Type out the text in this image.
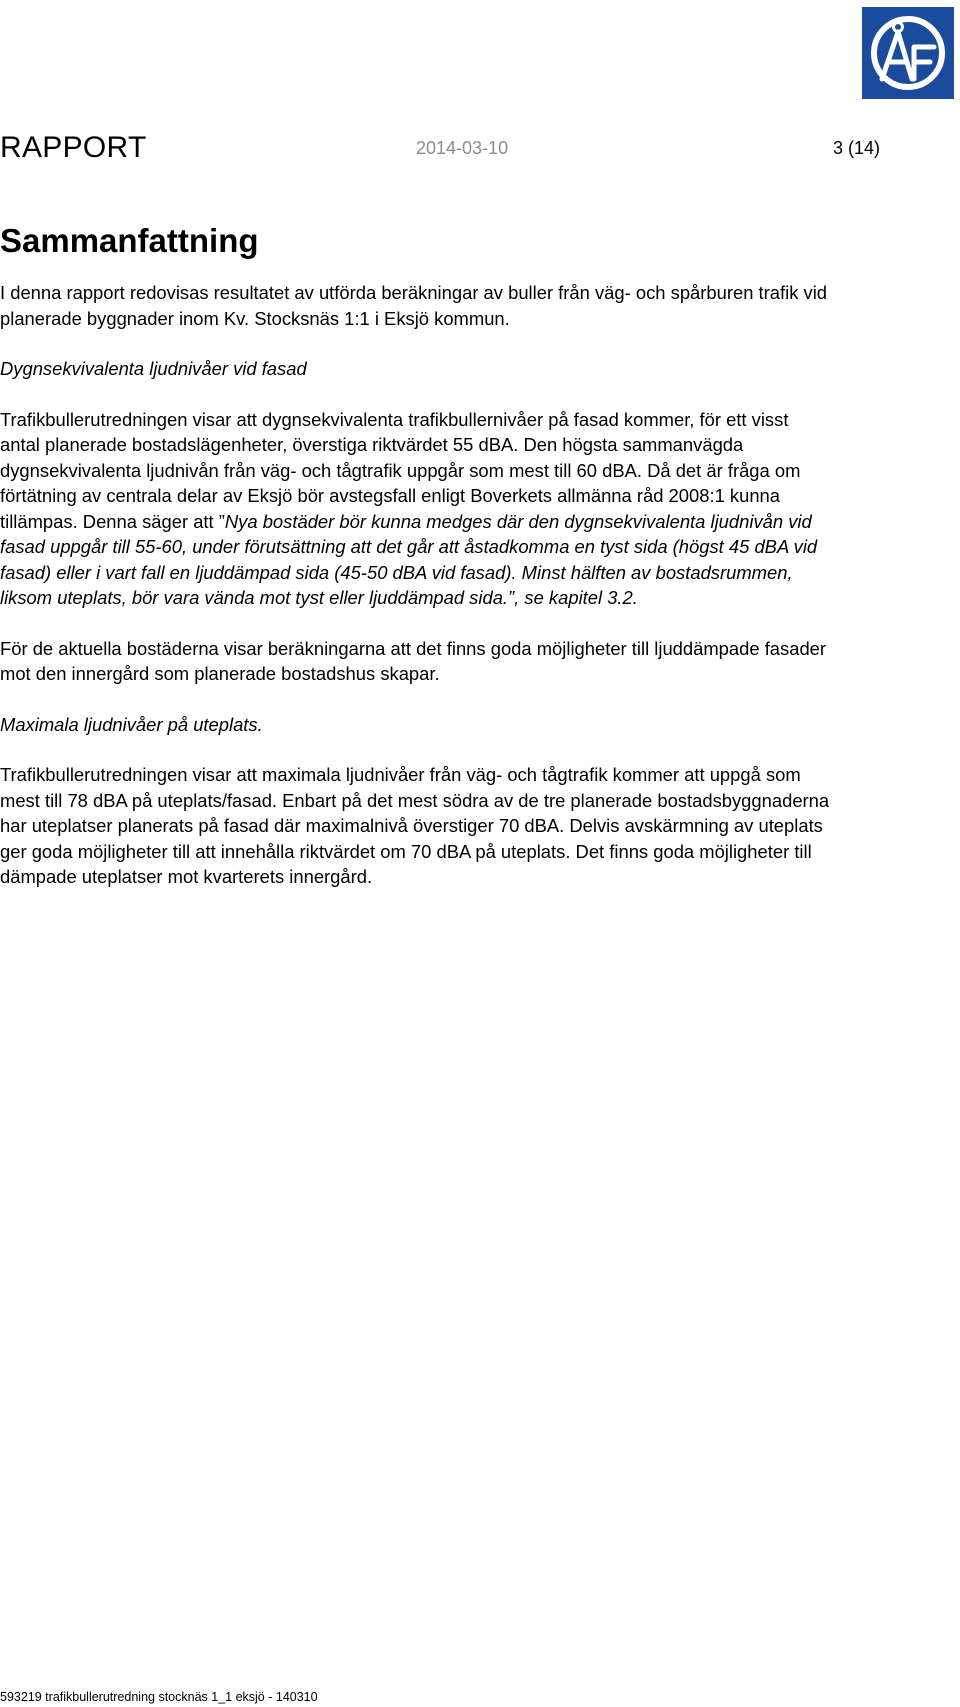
RAPPORT	2014-03-10	3 (14)
Sammanfattning

I denna rapport redovisas resultatet av utförda beräkningar av buller från väg- och spårburen trafik vid planerade byggnader inom Kv. Stocksnäs 1:1 i Eksjö kommun.

Dygnsekvivalenta ljudnivåer vid fasad

Trafikbullerutredningen visar att dygnsekvivalenta trafikbullernivåer på fasad kommer, för ett visst antal planerade bostadslägenheter, överstiga riktvärdet 55 dBA. Den högsta sammanvägda dygnsekvivalenta ljudnivån från väg- och tågtrafik uppgår som mest till 60 dBA. Då det är fråga om förtätning av centrala delar av Eksjö bör avstegsfall enligt Boverkets allmänna råd 2008:1 kunna tillämpas. Denna säger att ”Nya bostäder bör kunna medges där den dygnsekvivalenta ljudnivån vid fasad uppgår till 55-60, under förutsättning att det går att åstadkomma en tyst sida (högst 45 dBA vid fasad) eller i vart fall en ljuddämpad sida (45-50 dBA vid fasad). Minst hälften av bostadsrummen, liksom uteplats, bör vara vända mot tyst eller ljuddämpad sida.”, se kapitel 3.2.

För de aktuella bostäderna visar beräkningarna att det finns goda möjligheter till ljuddämpade fasader mot den innergård som planerade bostadshus skapar.

Maximala ljudnivåer på uteplats.

Trafikbullerutredningen visar att maximala ljudnivåer från väg- och tågtrafik kommer att uppgå som mest till 78 dBA på uteplats/fasad. Enbart på det mest södra av de tre planerade bostadsbyggnaderna har uteplatser planerats på fasad där maximalnivå överstiger 70 dBA. Delvis avskärmning av uteplats ger goda möjligheter till att innehålla riktvärdet om 70 dBA på uteplats. Det finns goda möjligheter till dämpade uteplatser mot kvarterets innergård.

593219 trafikbullerutredning stocknäs 1_1 eksjö - 140310
